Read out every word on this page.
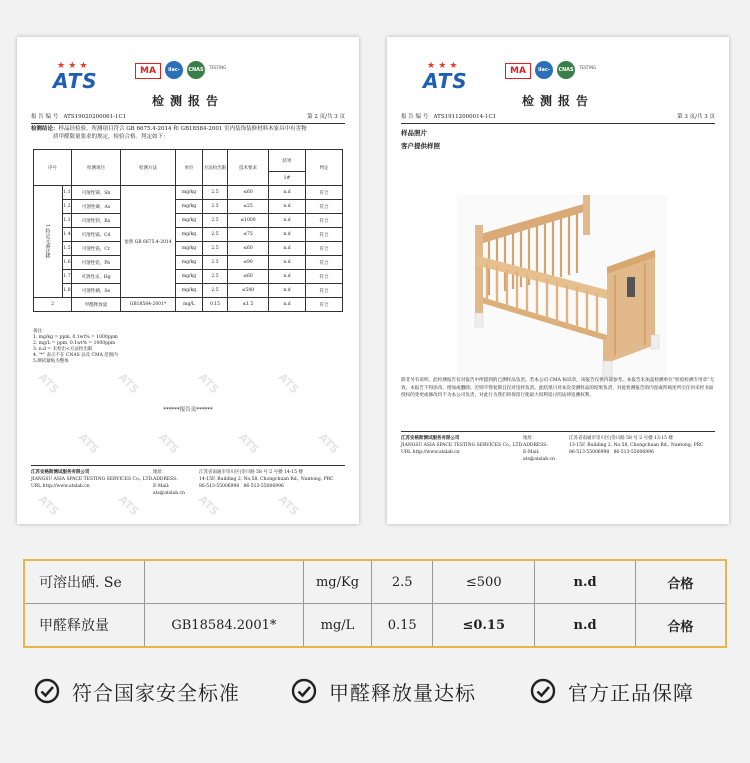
★ ★ ★
ATS	MA	ilac-MRA
CNAS	TESTING
检测报告
报 告 编 号 ATS19020200061-1C1	第 2 页/共 3 页
检测结论：样品经检验，所测项目符合 GB 6675.4-2014 和 GB18584-2001 室内装饰装修材料木家具中有害物
质甲醛限量要求的规定，检验合格。判定如下：
序号		检测项目	检测方法	单位	方法检出限	技术要求	结果	判定
							1#	
1 特定元素迁移	1.1	可溶性锑，Sb	参照 GB 6675.4-2014	mg/kg	2.5	≤60	n.d	符合
	1.2	可溶性砷，As		mg/kg	2.5	≤25	n.d	符合
	1.3	可溶性钡，Ba		mg/kg	2.5	≤1000	n.d	符合
	1.4	可溶性镉，Cd		mg/kg	2.5	≤75	n.d	符合
	1.5	可溶性铬，Cr		mg/kg	2.5	≤60	n.d	符合
	1.6	可溶性铅，Pb		mg/kg	2.5	≤90	n.d	符合
	1.7	可溶性汞，Hg		mg/kg	2.5	≤60	n.d	符合
	1.8	可溶性硒，Se		mg/kg	2.5	≤500	n.d	符合
2		甲醛释放量	GB18584-2001*	mg/L	0.15	≤1.5	n.d	符合
备注：
1. mg/kg = ppm, 0.1wt% = 1000ppm
2. mg/L = ppm, 0.1wt% = 1000ppm
3. n.d = 未检出<方法检出限
4. "*" 表示不在 CNAS 以及 CMA 范围内
5.测试紧贴为整体
******报告页******
ATS	ATS	ATS	ATS
ATS	ATS	ATS	ATS
ATS	ATS	ATS	ATS
江苏安格斯测试服务有限公司
JIANGSU ASIA SPACE TESTING SERVICES Co., LTD.
URL http://www.atslab.cn
地址：
ADDRESS:
E-Mail: ats@atslab.cn
江苏省南通市崇川区(崇川路 58 号 2 号楼 14-15 楼
14-15F, Building 2, No.58, Chongchuan Rd., Nantong, PRC
86-513-55006998 86-513-55006996
★ ★ ★
ATS	MA	ilac-MRA
CNAS	TESTING
检测报告
报 告 编 号 ATS19112000014-1C1	第 3 页/共 3 页
样品照片
客户提供样照
除非另有说明，此检测报告仅对报告中所提到的已测样品负责。若本公司 CMA 标识章，该报告仅供内部参考。本报告未加盖检测单位“检验检测专用章”无效。本报告不得涂改、增加或删除；否则不得复制且仅对送样负责。此结果只对本次受测样品的结果负责，对此检测报告的内容或所载述所引任何未经书面授权的变更或修改均不为本公司负责，对此行为我们将保留行使最大权利追讨的法律追溯权利。
江苏安格斯测试服务有限公司
JIANGSU ASIA SPACE TESTING SERVICES Co., LTD.
URL http://www.atslab.cn
地址：
ADDRESS:
E-Mail: ats@atslab.cn
江苏省南通市崇川区(崇川路 58 号 2 号楼 13-15 楼
13-15F, Building 2, No.58, Chongchuan Rd., Nantong, PRC
86-513-55006998 86-513-55006996
可溶出硒. Se		mg/Kg	2.5	≤500	n.d	合格
甲醛释放量	GB18584.2001*	mg/L	0.15	≤0.15	n.d	合格
符合国家安全标准	甲醛释放量达标	官方正品保障
